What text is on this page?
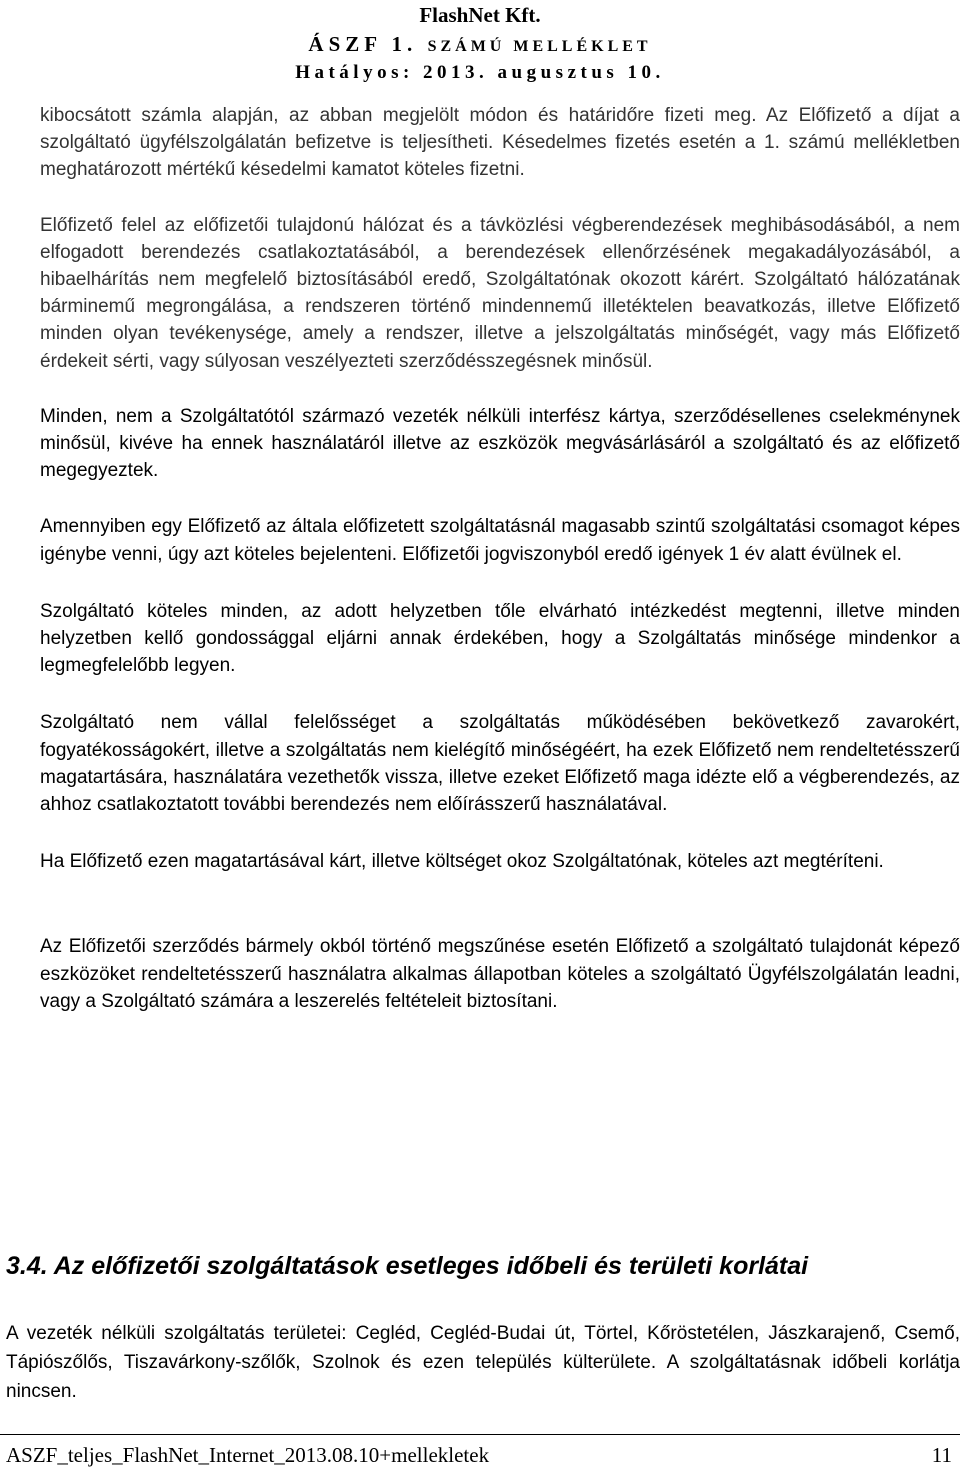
FlashNet Kft.
ÁSZF 1. SZÁMÚ MELLÉKLET
Hatályos: 2013. augusztus 10.

kibocsátott számla alapján, az abban megjelölt módon és határidőre fizeti meg. Az Előfizető a díjat a szolgáltató ügyfélszolgálatán befizetve is teljesítheti. Késedelmes fizetés esetén a 1. számú mellékletben meghatározott mértékű késedelmi kamatot köteles fizetni.

Előfizető felel az előfizetői tulajdonú hálózat és a távközlési végberendezések meghibásodásából, a nem elfogadott berendezés csatlakoztatásából, a berendezések ellenőrzésének megakadályozásából, a hibaelhárítás nem megfelelő biztosításából eredő, Szolgáltatónak okozott kárért. Szolgáltató hálózatának bárminemű megrongálása, a rendszeren történő mindennemű illetéktelen beavatkozás, illetve Előfizető minden olyan tevékenysége, amely a rendszer, illetve a jelszolgáltatás minőségét, vagy más Előfizető érdekeit sérti, vagy súlyosan veszélyezteti szerződésszegésnek minősül.

Minden, nem a Szolgáltatótól származó vezeték nélküli interfész kártya, szerződésellenes cselekménynek minősül, kivéve ha ennek használatáról illetve az eszközök megvásárlásáról a szolgáltató és az előfizető megegyeztek.

Amennyiben egy Előfizető az általa előfizetett szolgáltatásnál magasabb szintű szolgáltatási csomagot képes igénybe venni, úgy azt köteles bejelenteni. Előfizetői jogviszonyból eredő igények 1 év alatt évülnek el.

Szolgáltató köteles minden, az adott helyzetben tőle elvárható intézkedést megtenni, illetve minden helyzetben kellő gondossággal eljárni annak érdekében, hogy a Szolgáltatás minősége mindenkor a legmegfelelőbb legyen.

Szolgáltató nem vállal felelősséget a szolgáltatás működésében bekövetkező zavarokért, fogyatékosságokért, illetve a szolgáltatás nem kielégítő minőségéért, ha ezek Előfizető nem rendeltetésszerű magatartására, használatára vezethetők vissza, illetve ezeket Előfizető maga idézte elő a végberendezés, az ahhoz csatlakoztatott további berendezés nem előírásszerű használatával.

Ha Előfizető ezen magatartásával kárt, illetve költséget okoz Szolgáltatónak, köteles azt megtéríteni.

Az Előfizetői szerződés bármely okból történő megszűnése esetén Előfizető a szolgáltató tulajdonát képező eszközöket rendeltetésszerű használatra alkalmas állapotban köteles a szolgáltató Ügyfélszolgálatán leadni, vagy a Szolgáltató számára a leszerelés feltételeit biztosítani.

3.4. Az előfizetői szolgáltatások esetleges időbeli és területi korlátai
A vezeték nélküli szolgáltatás területei: Cegléd, Cegléd-Budai út, Törtel, Kőröstetélen, Jászkarajenő, Csemő, Tápiószőlős, Tiszavárkony-szőlők, Szolnok és ezen település külterülete. A szolgáltatásnak időbeli korlátja nincsen.
ASZF_teljes_FlashNet_Internet_2013.08.10+mellekletek	11
